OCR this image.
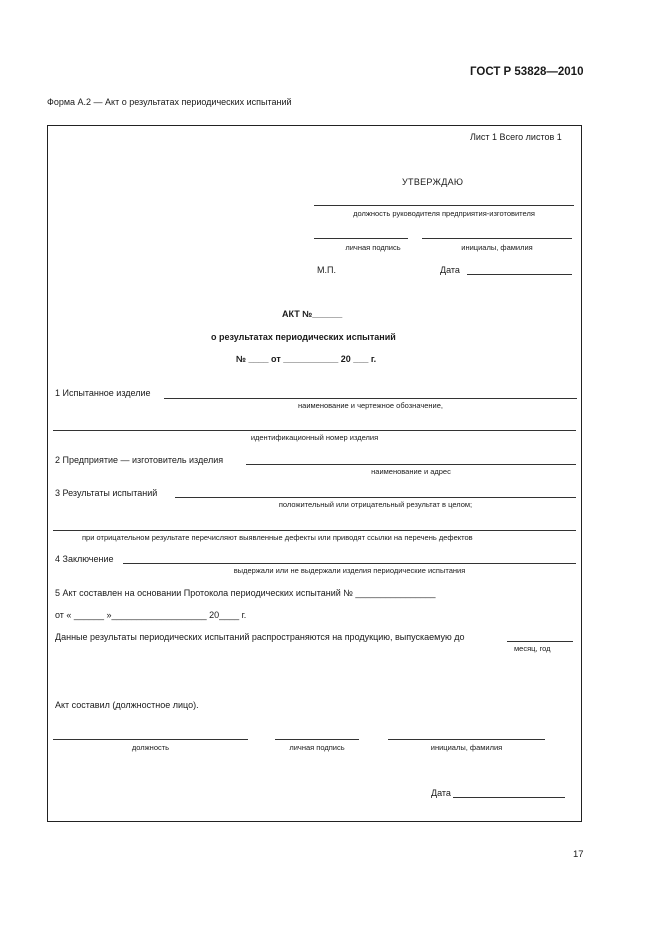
ГОСТ Р 53828—2010
Форма А.2 — Акт о результатах периодических испытаний
Лист 1 Всего листов 1
УТВЕРЖДАЮ
должность руководителя предприятия-изготовителя
личная подпись	инициалы, фамилия
М.П.	Дата
АКТ №______
о результатах периодических испытаний
№ ____ от ___________ 20 ___ г.
1 Испытанное изделие
наименование и чертежное обозначение,
идентификационный номер изделия
2 Предприятие — изготовитель изделия
наименование и адрес
3 Результаты испытаний
положительный или отрицательный результат в целом;
при отрицательном результате перечисляют выявленные дефекты или приводят ссылки на перечень дефектов
4 Заключение
выдержали или не выдержали изделия периодические испытания
5 Акт составлен на основании Протокола периодических испытаний № ________________
от « ______ »___________________ 20____ г.
Данные результаты периодических испытаний распространяются на продукцию, выпускаемую до
месяц, год
Акт составил (должностное лицо).
должность	личная подпись	инициалы, фамилия
Дата
17
